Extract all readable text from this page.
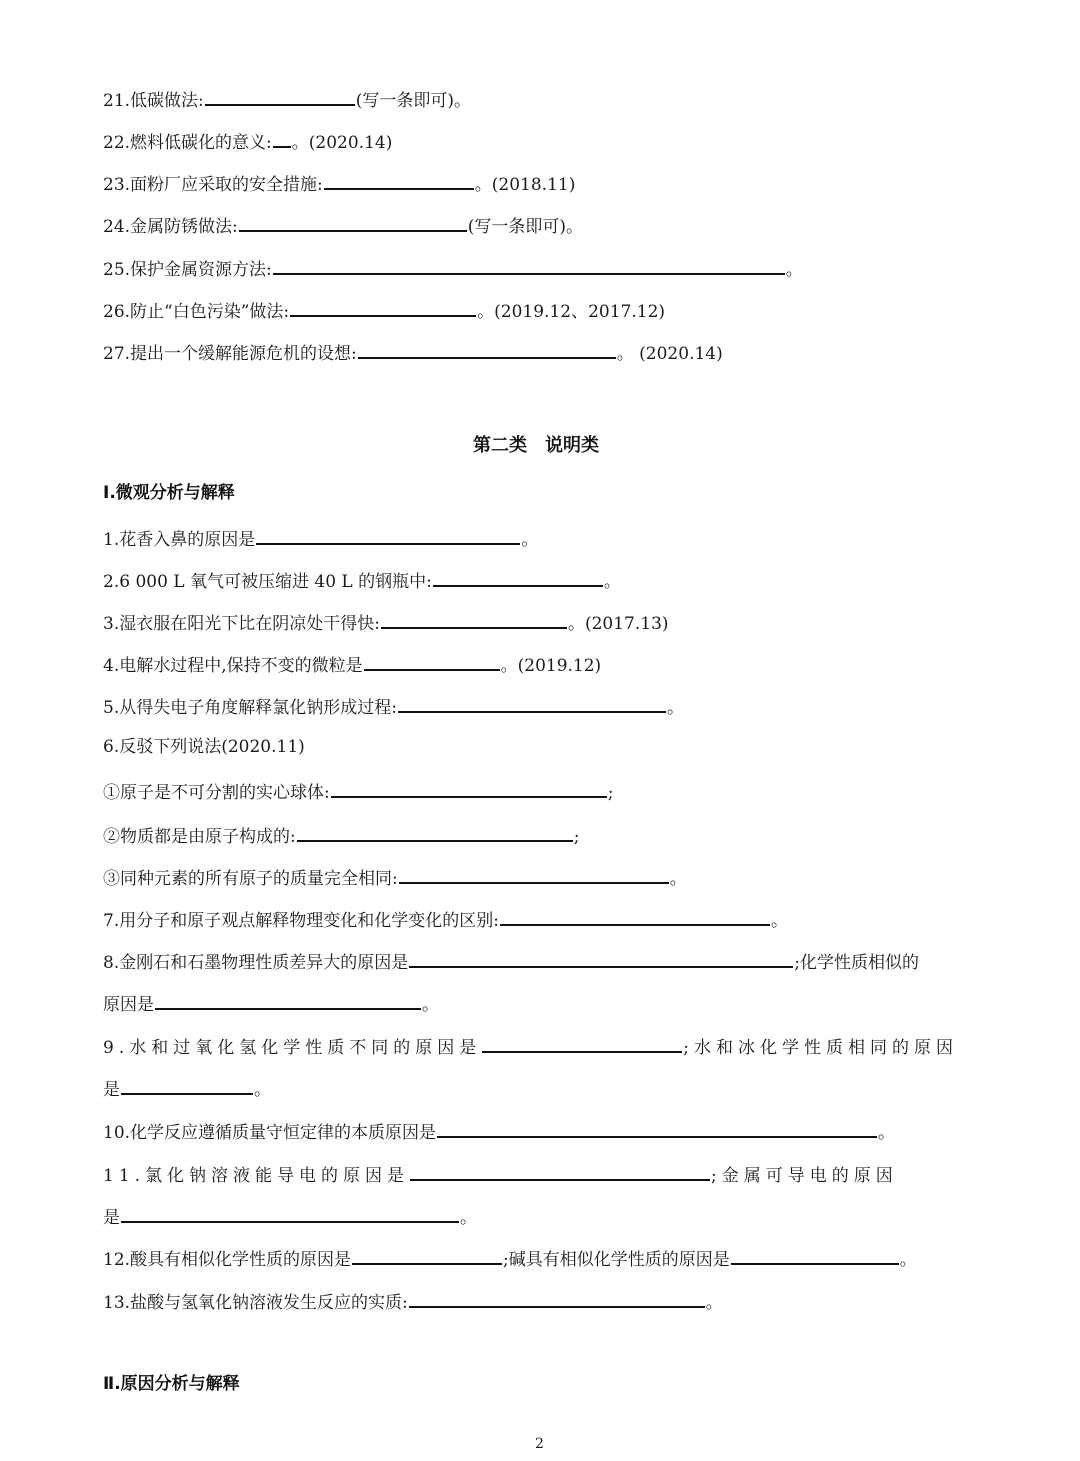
21.低碳做法:	(写一条即可)。
22.燃料低碳化的意义: 。(2020.14)
23.面粉厂应采取的安全措施:	。(2018.11)
24.金属防锈做法:	(写一条即可)。
25.保护金属资源方法:	。
26.防止“白色污染”做法:	。(2019.12、2017.12)
27.提出一个缓解能源危机的设想:	。 (2020.14)
第二类　说明类
Ⅰ.微观分析与解释
1.花香入鼻的原因是	。
2.6 000 L 氧气可被压缩进 40 L 的钢瓶中:	。
3.湿衣服在阳光下比在阴凉处干得快:	。(2017.13)
4.电解水过程中,保持不变的微粒是	。(2019.12)
5.从得失电子角度解释氯化钠形成过程:	。
6.反驳下列说法(2020.11)
①原子是不可分割的实心球体:	;
②物质都是由原子构成的:	;
③同种元素的所有原子的质量完全相同:	。
7.用分子和原子观点解释物理变化和化学变化的区别:	。
8.金刚石和石墨物理性质差异大的原因是	;化学性质相似的
原因是	。
9.水和过氧化氢化学性质不同的原因是	;水和冰化学性质相同的原因
是	。
10.化学反应遵循质量守恒定律的本质原因是	。
11.氯化钠溶液能导电的原因是	;金属可导电的原因
是	。
12.酸具有相似化学性质的原因是	;碱具有相似化学性质的原因是	。
13.盐酸与氢氧化钠溶液发生反应的实质:	。
Ⅱ.原因分析与解释
2
